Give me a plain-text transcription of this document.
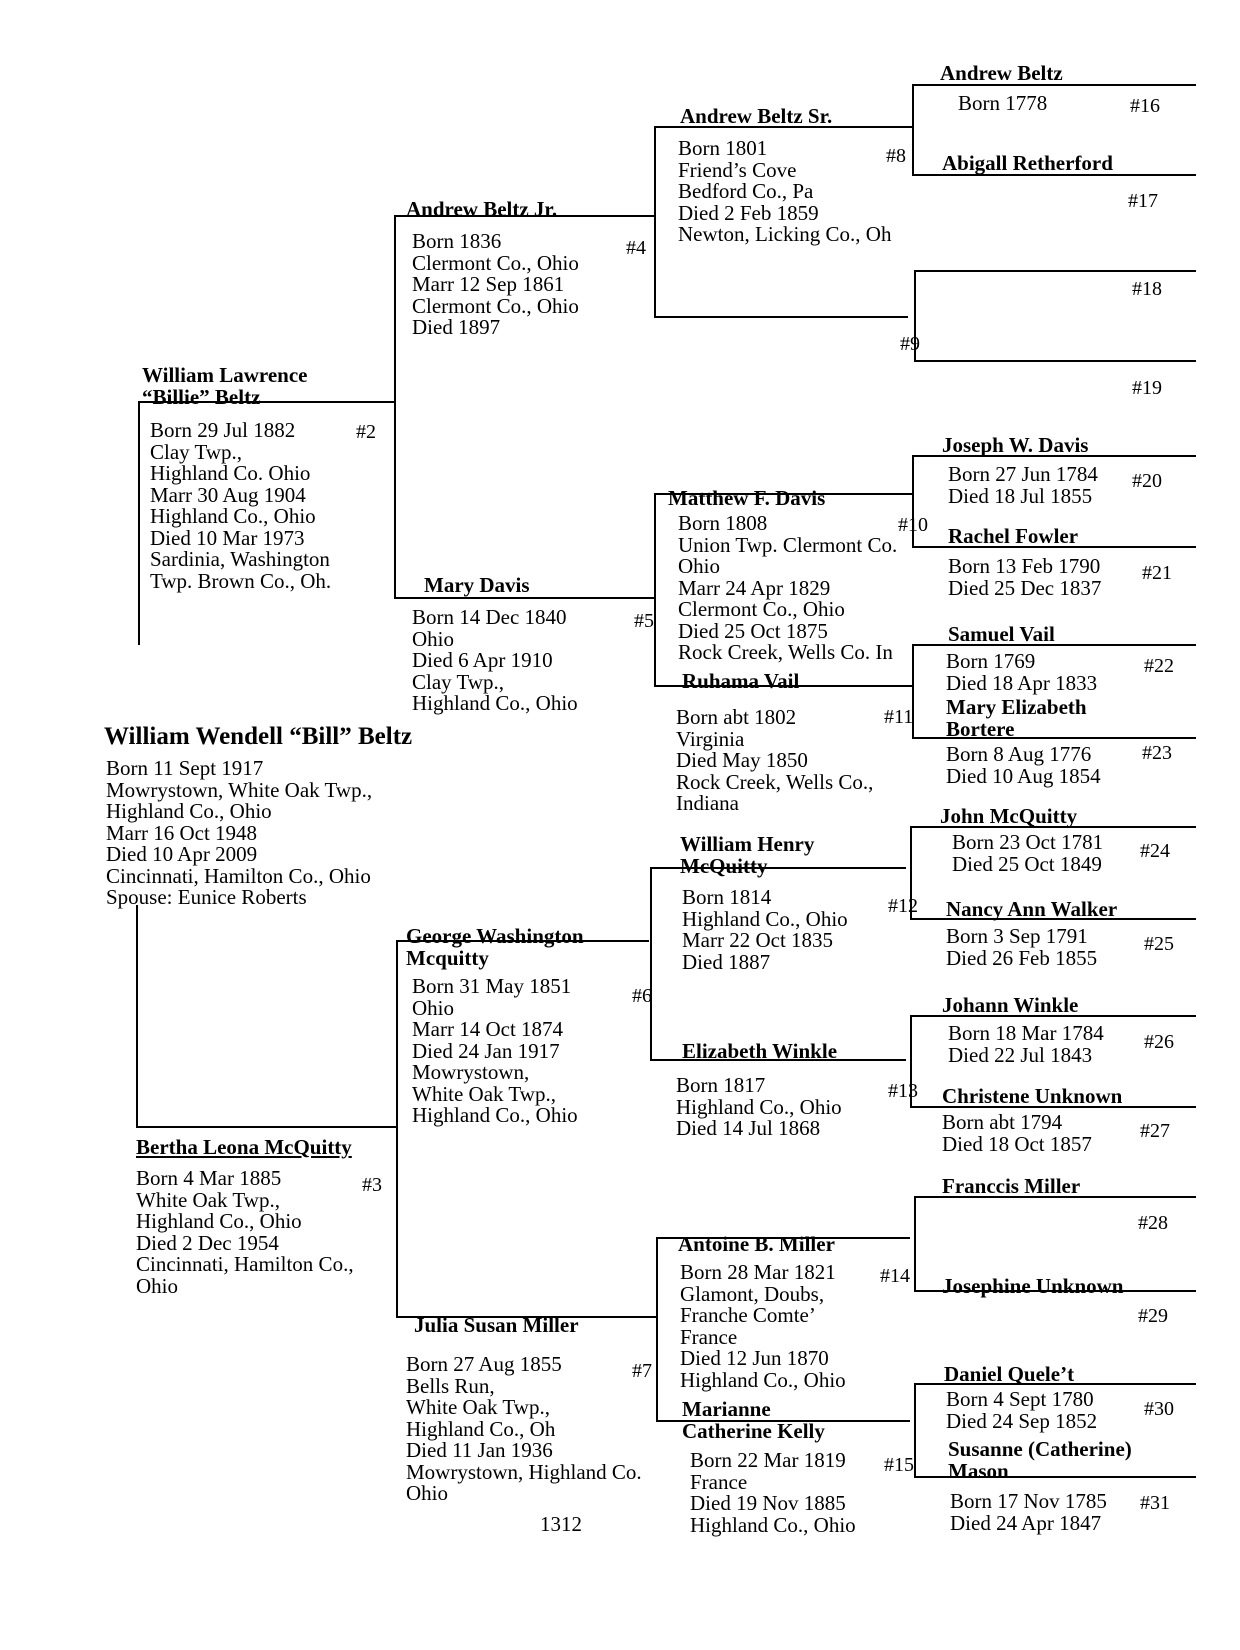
William Wendell “Bill” Beltz
Born 11 Sept 1917
Mowrystown, White Oak Twp.,
Highland Co., Ohio
Marr 16 Oct 1948
Died 10 Apr 2009
Cincinnati, Hamilton Co., Ohio
Spouse: Eunice Roberts
William Lawrence
“Billie” Beltz
Born 29 Jul 1882
Clay Twp.,
Highland Co. Ohio
Marr 30 Aug 1904
Highland Co., Ohio
Died 10 Mar 1973
Sardinia, Washington
Twp. Brown Co., Oh.
#2
Bertha Leona McQuitty
Born 4 Mar 1885
White Oak Twp.,
Highland Co., Ohio
Died 2 Dec 1954
Cincinnati, Hamilton Co.,
Ohio
#3
Andrew Beltz Jr.
Born 1836
Clermont Co., Ohio
Marr 12 Sep 1861
Clermont Co., Ohio
Died 1897
#4
Mary Davis
Born 14 Dec 1840
Ohio
Died 6 Apr 1910
Clay Twp.,
Highland Co., Ohio
#5
George Washington
Mcquitty
Born 31 May 1851
Ohio
Marr 14 Oct 1874
Died 24 Jan 1917
Mowrystown,
White Oak Twp.,
Highland Co., Ohio
#6
Julia Susan Miller
Born 27 Aug 1855
Bells Run,
White Oak Twp.,
Highland Co., Oh
Died 11 Jan 1936
Mowrystown, Highland Co.
Ohio
#7
Andrew Beltz Sr.
Born 1801
Friend’s Cove
Bedford Co., Pa
Died 2 Feb 1859
Newton, Licking Co., Oh
#8
#9
Matthew F. Davis
Born 1808
Union Twp. Clermont Co.
Ohio
Marr 24 Apr 1829
Clermont Co., Ohio
Died 25 Oct 1875
Rock Creek, Wells Co. In
#10
Ruhama Vail
Born abt 1802
Virginia
Died May 1850
Rock Creek, Wells Co.,
Indiana
#11
William Henry
McQuitty
Born 1814
Highland Co., Ohio
Marr 22 Oct 1835
Died 1887
#12
Elizabeth Winkle
Born 1817
Highland Co., Ohio
Died 14 Jul 1868
#13
Antoine B. Miller
Born 28 Mar 1821
Glamont, Doubs,
Franche Comte’
France
Died 12 Jun 1870
Highland Co., Ohio
#14
Marianne
Catherine Kelly
Born 22 Mar 1819
France
Died 19 Nov 1885
Highland Co., Ohio
#15
Andrew Beltz
Born 1778	#16
Abigall Retherford
#17
#18
#19
Joseph W. Davis
Born 27 Jun 1784
Died 18 Jul 1855
#20
Rachel Fowler
Born 13 Feb 1790
Died 25 Dec 1837
#21
Samuel Vail
Born 1769
Died 18 Apr 1833
#22
Mary Elizabeth
Bortere
Born 8 Aug 1776
Died 10 Aug 1854
#23
John McQuitty
Born 23 Oct 1781
Died 25 Oct 1849
#24
Nancy Ann Walker
Born 3 Sep 1791
Died 26 Feb 1855
#25
Johann Winkle
Born 18 Mar 1784
Died 22 Jul 1843
#26
Christene Unknown
Born abt 1794
Died 18 Oct 1857
#27
Franccis Miller
#28
Josephine Unknown
#29
Daniel Quele’t
Born 4 Sept 1780
Died 24 Sep 1852 #30
Susanne (Catherine)
Mason
Born 17 Nov 1785
Died 24 Apr 1847
#31
1312
